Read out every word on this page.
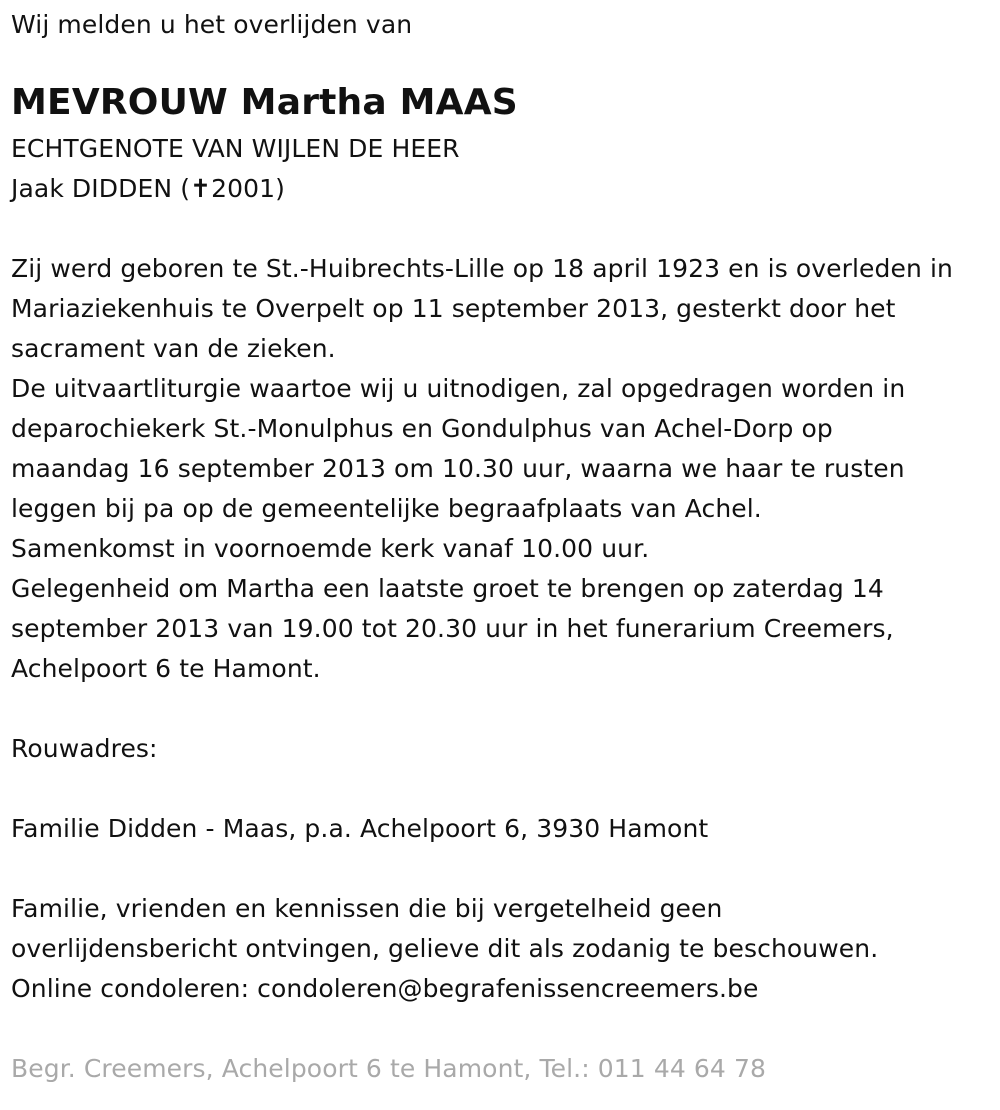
Wij melden u het overlijden van
MEVROUW Martha MAAS
ECHTGENOTE VAN WIJLEN DE HEER
Jaak DIDDEN (✝2001)
Zij werd geboren te St.-Huibrechts-Lille op 18 april 1923 en is overleden in
Mariaziekenhuis te Overpelt op 11 september 2013, gesterkt door het
sacrament van de zieken.
De uitvaartliturgie waartoe wij u uitnodigen, zal opgedragen worden in
deparochiekerk St.-Monulphus en Gondulphus van Achel-Dorp op
maandag 16 september 2013 om 10.30 uur, waarna we haar te rusten
leggen bij pa op de gemeentelijke begraafplaats van Achel.
Samenkomst in voornoemde kerk vanaf 10.00 uur.
Gelegenheid om Martha een laatste groet te brengen op zaterdag 14
september 2013 van 19.00 tot 20.30 uur in het funerarium Creemers,
Achelpoort 6 te Hamont.
Rouwadres:
Familie Didden - Maas, p.a. Achelpoort 6, 3930 Hamont
Familie, vrienden en kennissen die bij vergetelheid geen
overlijdensbericht ontvingen, gelieve dit als zodanig te beschouwen.
Online condoleren: condoleren@begrafenissencreemers.be
Begr. Creemers, Achelpoort 6 te Hamont, Tel.: 011 44 64 78
